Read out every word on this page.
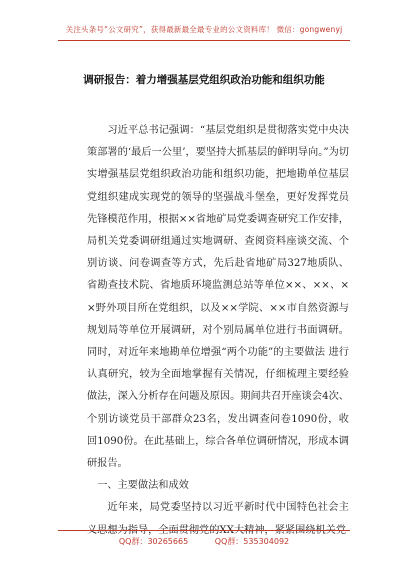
关注头条号“公文研究”，获得最新最全最专业的公文资料库！ 微信：gongwenyj
调研报告：着力增强基层党组织政治功能和组织功能

习近平总书记强调：“基层党组织是贯彻落实党中央决策部署的‘最后一公里’，要坚持大抓基层的鲜明导向。”为切实增强基层党组织政治功能和组织功能，把地勘单位基层党组织建成实现党的领导的坚强战斗堡垒，更好发挥党员先锋模范作用，根据××省地矿局党委调查研究工作安排，局机关党委调研组通过实地调研、查阅资料座谈交流、个别访谈、问卷调查等方式，先后赴省地矿局327地质队、省勘查技术院、省地质环境监测总站等单位××、××、××野外项目所在党组织，以及××学院、××市自然资源与规划局等单位开展调研，对个别局属单位进行书面调研。同时，对近年来地勘单位增强“两个功能”的主要做法 进行认真研究，较为全面地掌握有关情况，仔细梳理主要经验做法，深入分析存在问题及原因。期间共召开座谈会4次、个别访谈党员干部群众23名，发出调查问卷1090份，收回1090份。在此基础上，综合各单位调研情况，形成本调研报告。

一、主要做法和成效

近年来，局党委坚持以习近平新时代中国特色社会主义思想为指导，全面贯彻党的XX大精神，紧紧围绕机关党

QQ群：30265665	QQ群：535304092
